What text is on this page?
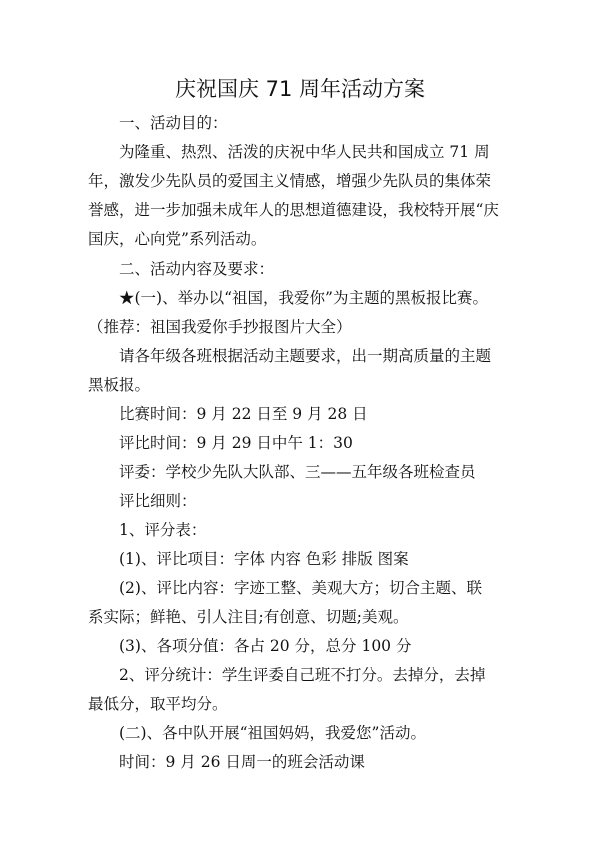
庆祝国庆 71 周年活动方案
一、活动目的：
为隆重、热烈、活泼的庆祝中华人民共和国成立 71 周
年，激发少先队员的爱国主义情感，增强少先队员的集体荣
誉感，进一步加强未成年人的思想道德建设，我校特开展“庆
国庆，心向党”系列活动。
二、活动内容及要求：
★(一)、举办以“祖国，我爱你”为主题的黑板报比赛。
（推荐：祖国我爱你手抄报图片大全）
请各年级各班根据活动主题要求，出一期高质量的主题
黑板报。
比赛时间：9 月 22 日至 9 月 28 日
评比时间：9 月 29 日中午 1：30
评委：学校少先队大队部、三——五年级各班检查员
评比细则：
1、评分表：
(1)、评比项目：字体 内容 色彩 排版 图案
(2)、评比内容：字迹工整、美观大方；切合主题、联
系实际；鲜艳、引人注目;有创意、切题;美观。
(3)、各项分值：各占 20 分，总分 100 分
2、评分统计：学生评委自己班不打分。去掉分，去掉
最低分，取平均分。
(二)、各中队开展“祖国妈妈，我爱您”活动。
时间：9 月 26 日周一的班会活动课
